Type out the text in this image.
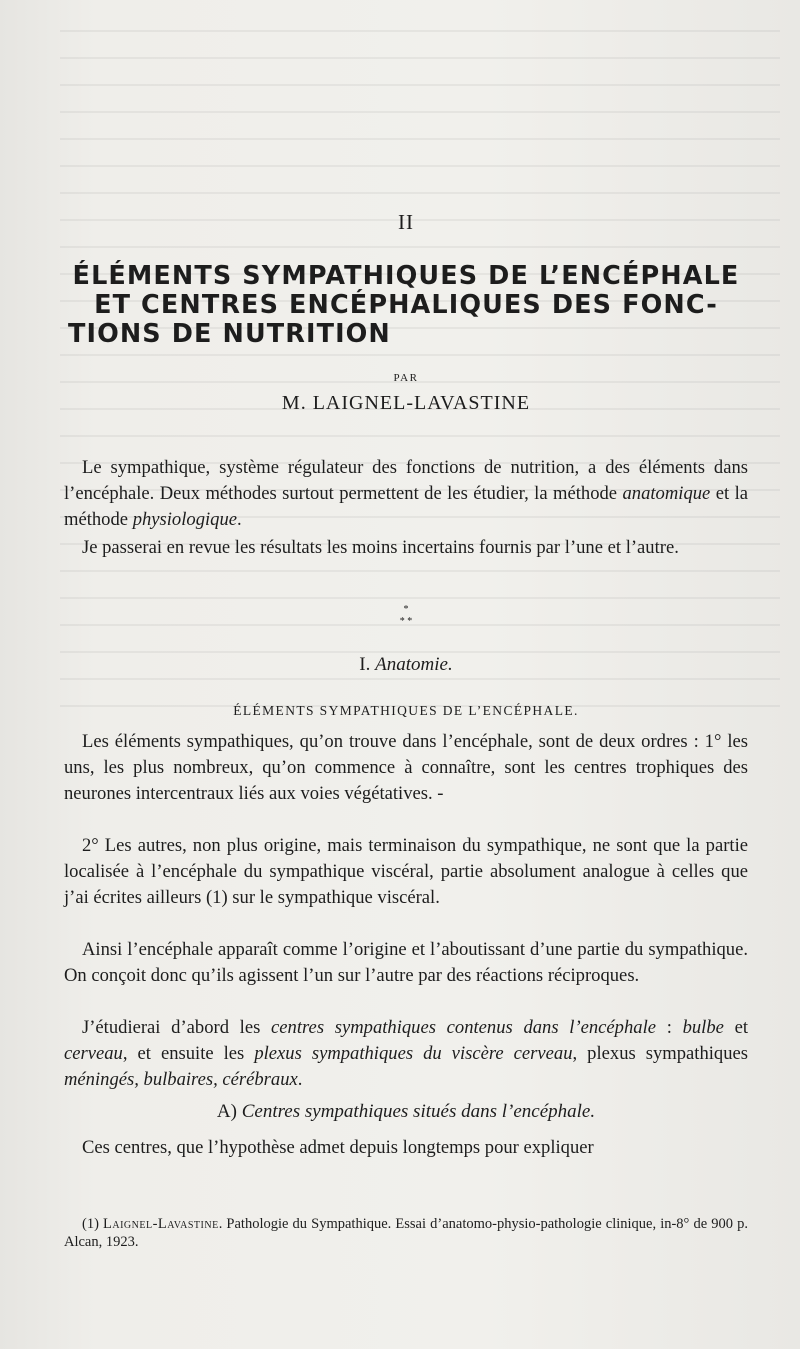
II
ÉLÉMENTS SYMPATHIQUES DE L’ENCÉPHALE
ET CENTRES ENCÉPHALIQUES DES FONC-
TIONS DE NUTRITION
PAR
M. LAIGNEL-LAVASTINE

Le sympathique, système régulateur des fonctions de nutrition, a des éléments dans l’encéphale. Deux méthodes surtout permettent de les étudier, la méthode anatomique et la méthode physiologique.

Je passerai en revue les résultats les moins incertains fournis par l’une et l’autre.

*
* *
I. Anatomie.
ÉLÉMENTS SYMPATHIQUES DE L’ENCÉPHALE.

Les éléments sympathiques, qu’on trouve dans l’encéphale, sont de deux ordres : 1° les uns, les plus nombreux, qu’on commence à connaître, sont les centres trophiques des neurones intercentraux liés aux voies végétatives. -

2° Les autres, non plus origine, mais terminaison du sympathique, ne sont que la partie localisée à l’encéphale du sympathique viscéral, partie absolument analogue à celles que j’ai écrites ailleurs (1) sur le sympathique viscéral.

Ainsi l’encéphale apparaît comme l’origine et l’aboutissant d’une partie du sympathique. On conçoit donc qu’ils agissent l’un sur l’autre par des réactions réciproques.

J’étudierai d’abord les centres sympathiques contenus dans l’encéphale : bulbe et cerveau, et ensuite les plexus sympathiques du viscère cerveau, plexus sympathiques méningés, bulbaires, cérébraux.

A) Centres sympathiques situés dans l’encéphale.

Ces centres, que l’hypothèse admet depuis longtemps pour expliquer

(1) Laignel-Lavastine. Pathologie du Sympathique. Essai d’anatomo-physio-pathologie clinique, in-8° de 900 p. Alcan, 1923.
